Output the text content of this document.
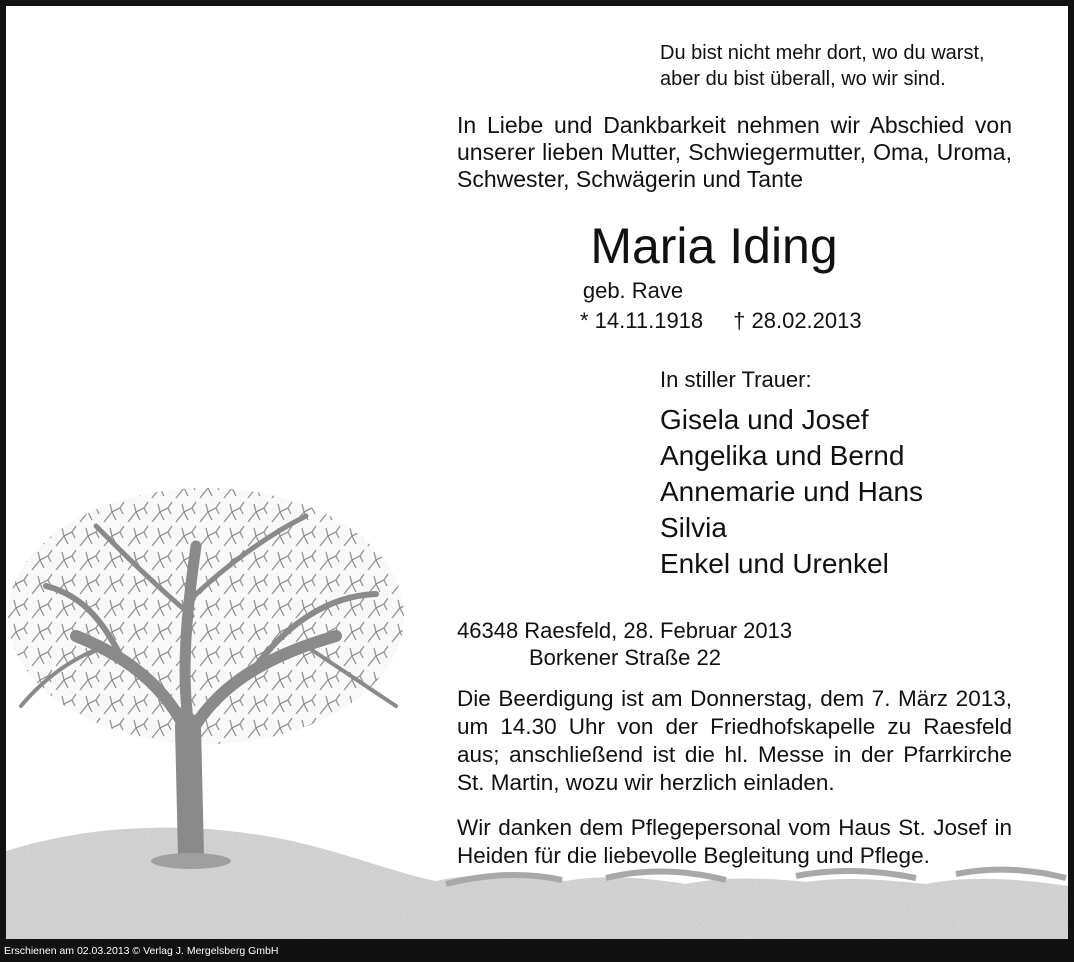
Du bist nicht mehr dort, wo du warst,
aber du bist überall, wo wir sind.

In Liebe und Dankbarkeit nehmen wir Abschied von unserer lieben Mutter, Schwiegermutter, Oma, Uroma, Schwester, Schwägerin und Tante

Maria Iding

geb. Rave

* 14.11.1918 † 28.02.2013

In stiller Trauer:

Gisela und Josef
Angelika und Bernd
Annemarie und Hans
Silvia
Enkel und Urenkel

46348 Raesfeld, 28. Februar 2013

Borkener Straße 22

Die Beerdigung ist am Donnerstag, dem 7. März 2013, um 14.30 Uhr von der Friedhofskapelle zu Raesfeld aus; anschließend ist die hl. Messe in der Pfarrkirche St. Martin, wozu wir herzlich einladen.

Wir danken dem Pflegepersonal vom Haus St. Josef in Heiden für die liebevolle Begleitung und Pflege.

Erschienen am 02.03.2013 © Verlag J. Mergelsberg GmbH
